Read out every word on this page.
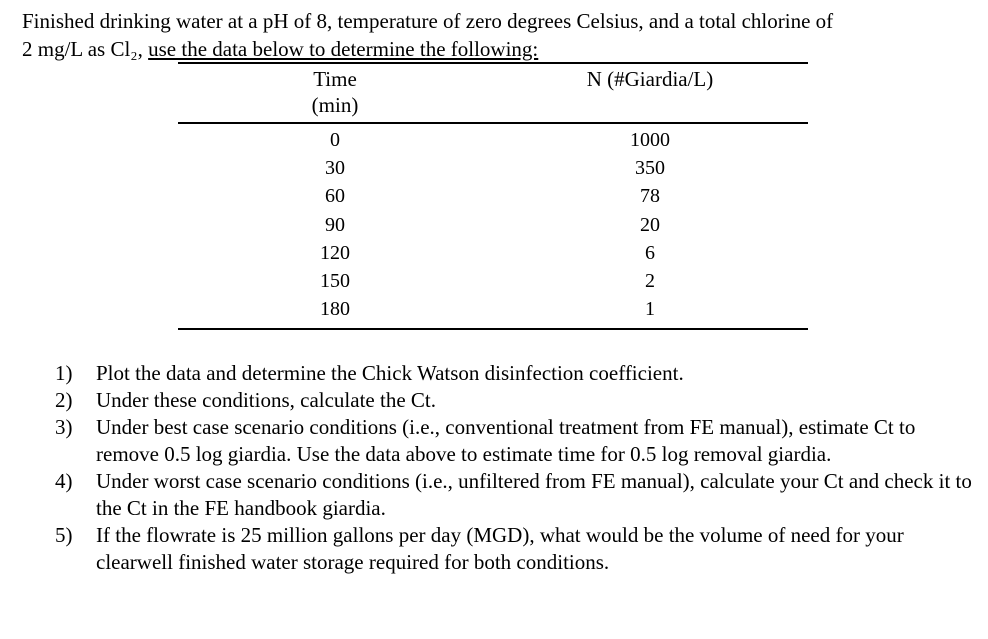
Finished drinking water at a pH of 8, temperature of zero degrees Celsius, and a total chlorine of
2 mg/L as Cl₂, use the data below to determine the following:
Time
(min)
N (#Giardia/L)
0
30
60
90
120
150
180
1000
350
78
20
6
2
1
1) Plot the data and determine the Chick Watson disinfection coefficient.
2) Under these conditions, calculate the Ct.
3) Under best case scenario conditions (i.e., conventional treatment from FE manual), estimate Ct to remove 0.5 log giardia. Use the data above to estimate time for 0.5 log removal giardia.
4) Under worst case scenario conditions (i.e., unfiltered from FE manual), calculate your Ct and check it to the Ct in the FE handbook giardia.
5) If the flowrate is 25 million gallons per day (MGD), what would be the volume of need for your clearwell finished water storage required for both conditions.
